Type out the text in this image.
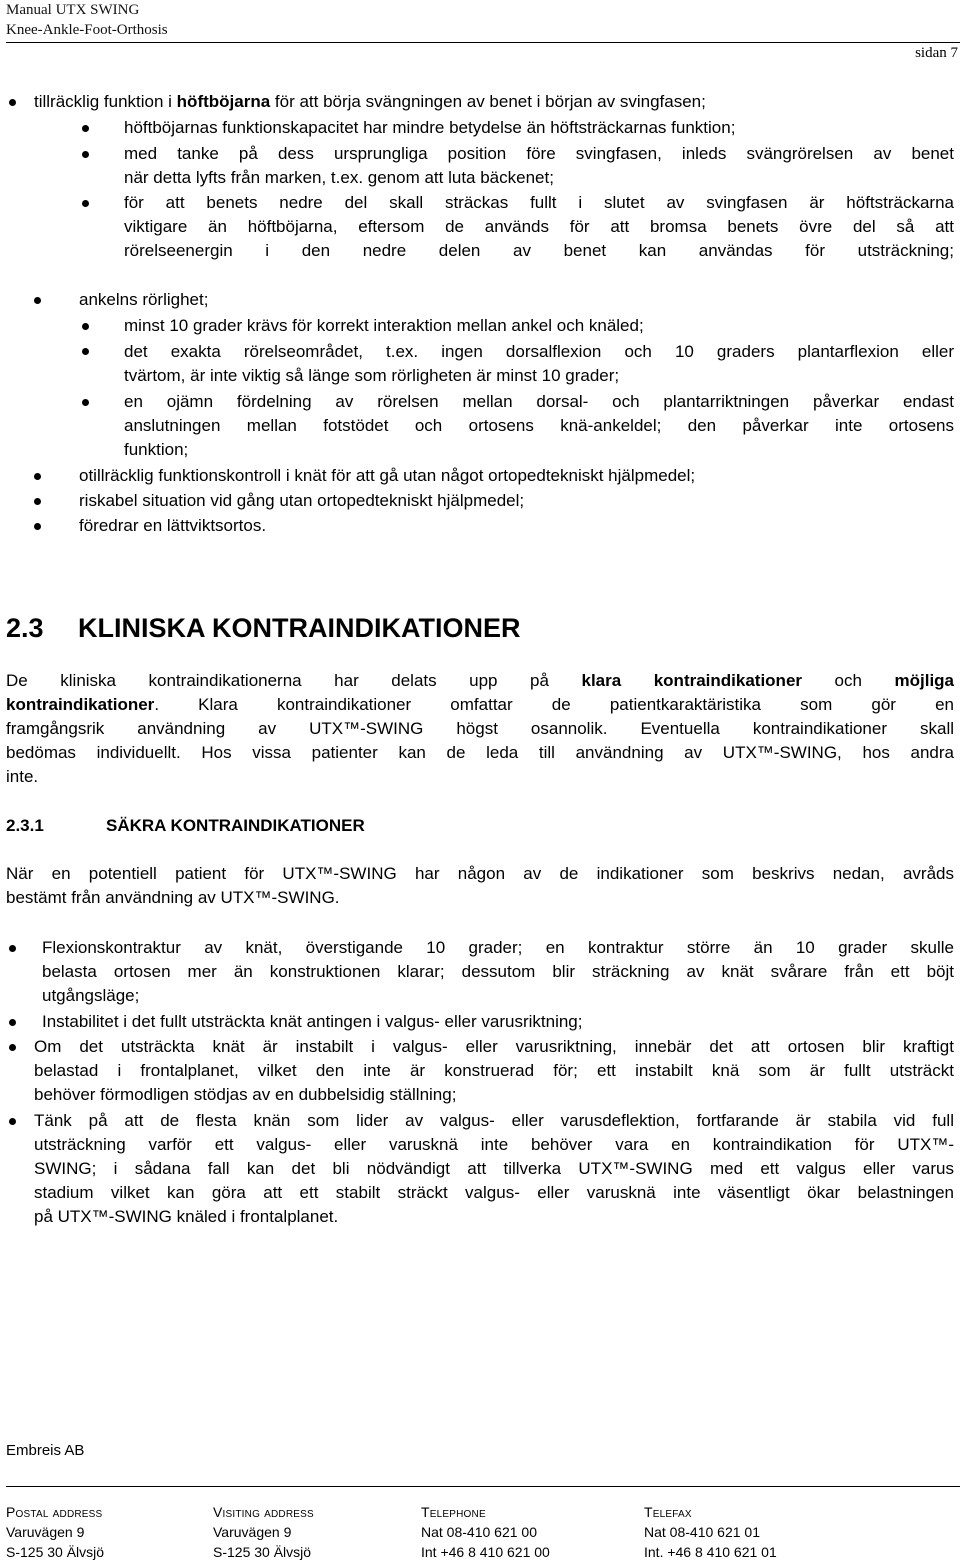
Manual UTX SWING
Knee-Ankle-Foot-Orthosis
sidan 7
tillräcklig funktion i höftböjarna för att börja svängningen av benet i början av svingfasen;
höftböjarnas funktionskapacitet har mindre betydelse än höftsträckarnas funktion;
med tanke på dess ursprungliga position före svingfasen, inleds svängrörelsen av benet
när detta lyfts från marken, t.ex. genom att luta bäckenet;
för att benets nedre del skall sträckas fullt i slutet av svingfasen är höftsträckarna
viktigare än höftböjarna, eftersom de används för att bromsa benets övre del så att
rörelseenergin i den nedre delen av benet kan användas för utsträckning;
ankelns rörlighet;
minst 10 grader krävs för korrekt interaktion mellan ankel och knäled;
det exakta rörelseområdet, t.ex. ingen dorsalflexion och 10 graders plantarflexion eller
tvärtom, är inte viktig så länge som rörligheten är minst 10 grader;
en ojämn fördelning av rörelsen mellan dorsal- och plantarriktningen påverkar endast
anslutningen mellan fotstödet och ortosens knä-ankeldel; den påverkar inte ortosens
funktion;
otillräcklig funktionskontroll i knät för att gå utan något ortopedtekniskt hjälpmedel;
riskabel situation vid gång utan ortopedtekniskt hjälpmedel;
föredrar en lättviktsortos.
2.3 KLINISKA KONTRAINDIKATIONER
De kliniska kontraindikationerna har delats upp på klara kontraindikationer och möjliga
kontraindikationer. Klara kontraindikationer omfattar de patientkaraktäristika som gör en
framgångsrik användning av UTX™-SWING högst osannolik. Eventuella kontraindikationer skall
bedömas individuellt. Hos vissa patienter kan de leda till användning av UTX™-SWING, hos andra
inte.
2.3.1	SÄKRA KONTRAINDIKATIONER
När en potentiell patient för UTX™-SWING har någon av de indikationer som beskrivs nedan, avråds
bestämt från användning av UTX™-SWING.
Flexionskontraktur av knät, överstigande 10 grader; en kontraktur större än 10 grader skulle
belasta ortosen mer än konstruktionen klarar; dessutom blir sträckning av knät svårare från ett böjt
utgångsläge;
Instabilitet i det fullt utsträckta knät antingen i valgus- eller varusriktning;
Om det utsträckta knät är instabilt i valgus- eller varusriktning, innebär det att ortosen blir kraftigt
belastad i frontalplanet, vilket den inte är konstruerad för; ett instabilt knä som är fullt utsträckt
behöver förmodligen stödjas av en dubbelsidig ställning;
Tänk på att de flesta knän som lider av valgus- eller varusdeflektion, fortfarande är stabila vid full
utsträckning varför ett valgus- eller varusknä inte behöver vara en kontraindikation för UTX™-
SWING; i sådana fall kan det bli nödvändigt att tillverka UTX™-SWING med ett valgus eller varus
stadium vilket kan göra att ett stabilt sträckt valgus- eller varusknä inte väsentligt ökar belastningen
på UTX™-SWING knäled i frontalplanet.
Embreis AB
Postal address
Varuvägen 9
S-125 30 Älvsjö
Visiting address
Varuvägen 9
S-125 30 Älvsjö
Telephone
Nat 08-410 621 00
Int +46 8 410 621 00
Telefax
Nat 08-410 621 01
Int. +46 8 410 621 01
